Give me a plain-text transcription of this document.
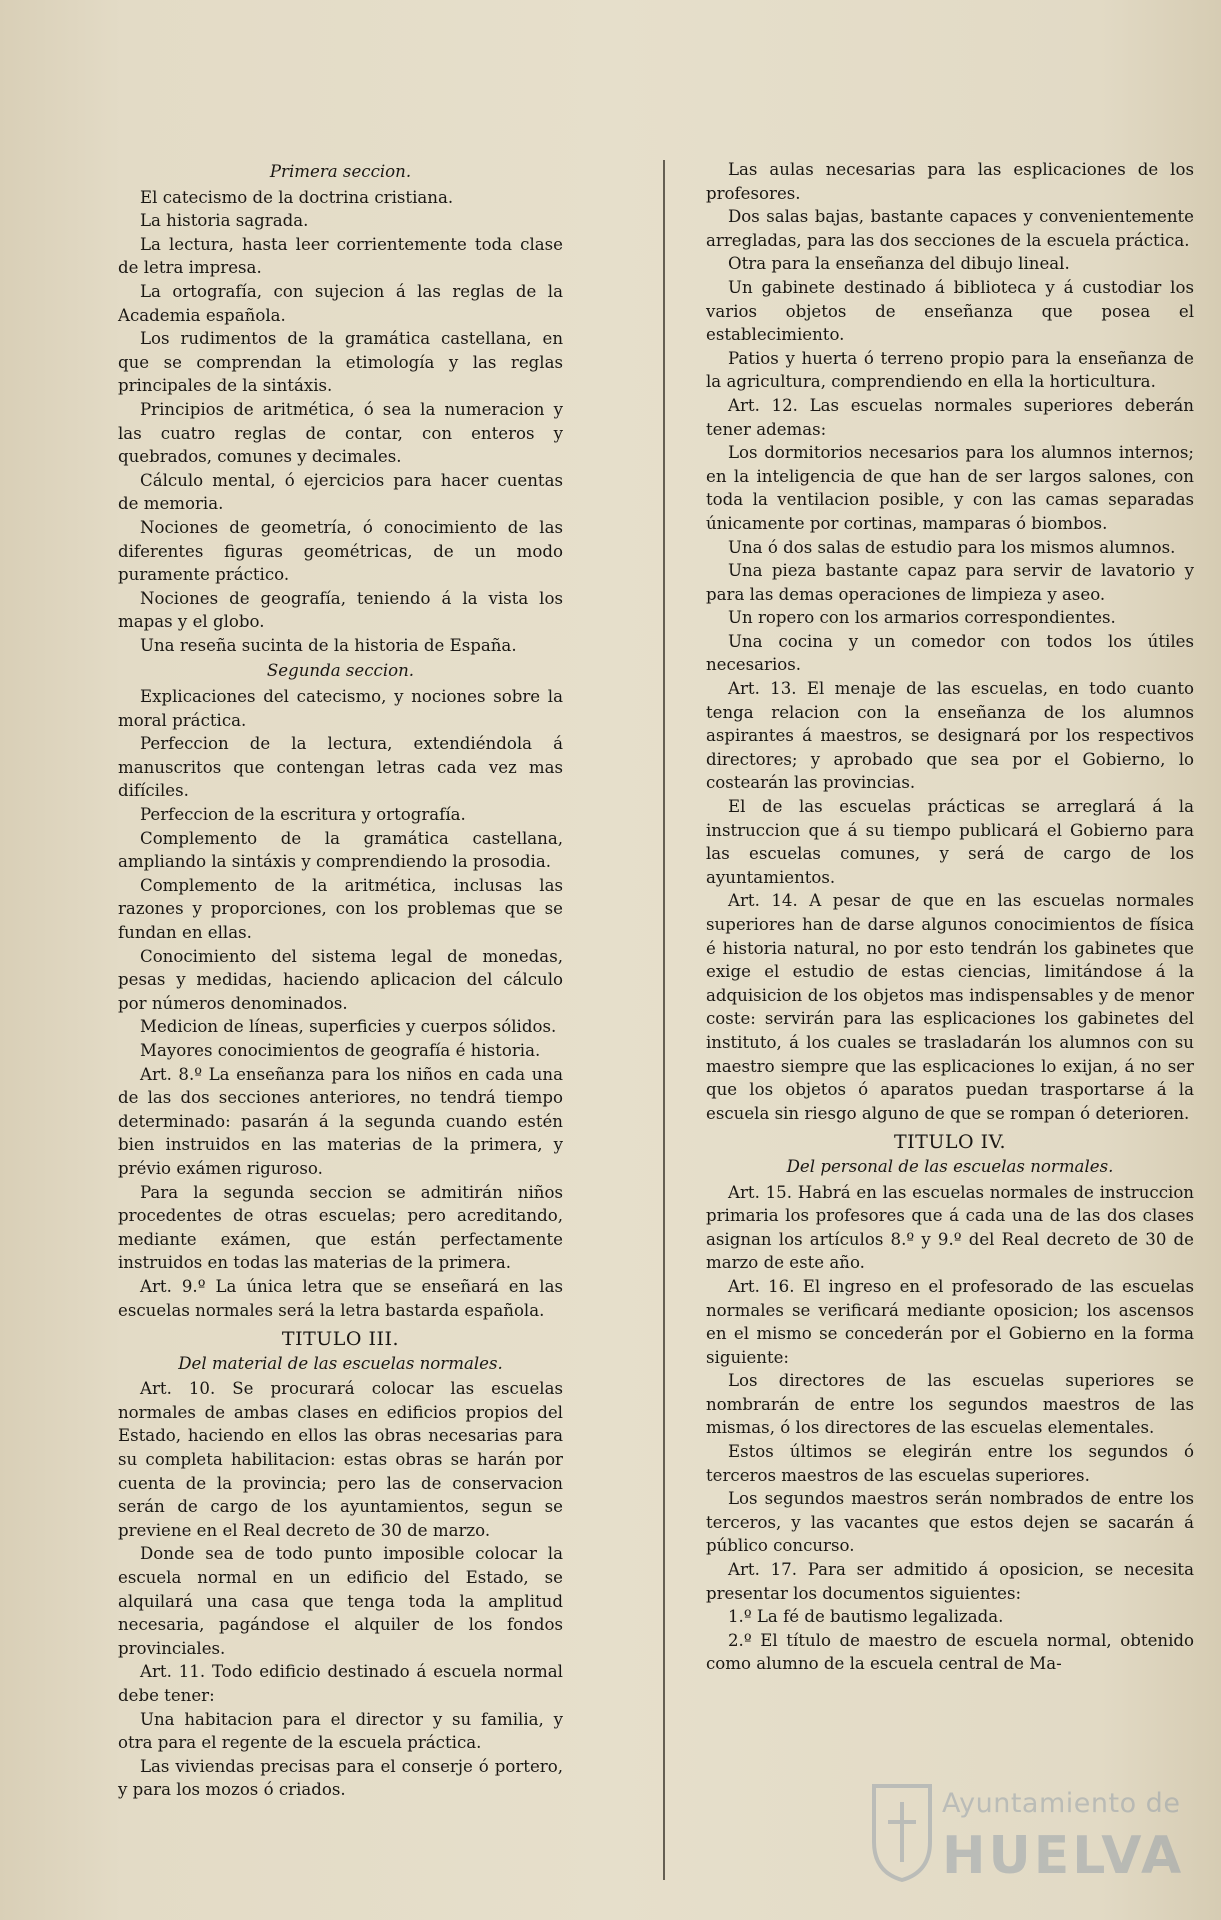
Primera seccion.

El catecismo de la doctrina cristiana.

La historia sagrada.

La lectura, hasta leer corrientemente toda clase de letra impresa.

La ortografía, con sujecion á las reglas de la Academia española.

Los rudimentos de la gramática castellana, en que se comprendan la etimología y las reglas principales de la sintáxis.

Principios de aritmética, ó sea la numeracion y las cuatro reglas de contar, con enteros y quebrados, comunes y decimales.

Cálculo mental, ó ejercicios para hacer cuentas de memoria.

Nociones de geometría, ó conocimiento de las diferentes figuras geométricas, de un modo puramente práctico.

Nociones de geografía, teniendo á la vista los mapas y el globo.

Una reseña sucinta de la historia de España.

Segunda seccion.

Explicaciones del catecismo, y nociones sobre la moral práctica.

Perfeccion de la lectura, extendiéndola á manuscritos que contengan letras cada vez mas difíciles.

Perfeccion de la escritura y ortografía.

Complemento de la gramática castellana, ampliando la sintáxis y comprendiendo la prosodia.

Complemento de la aritmética, inclusas las razones y proporciones, con los problemas que se fundan en ellas.

Conocimiento del sistema legal de monedas, pesas y medidas, haciendo aplicacion del cálculo por números denominados.

Medicion de líneas, superficies y cuerpos sólidos.

Mayores conocimientos de geografía é historia.

Art. 8.º La enseñanza para los niños en cada una de las dos secciones anteriores, no tendrá tiempo determinado: pasarán á la segunda cuando estén bien instruidos en las materias de la primera, y prévio exámen riguroso.

Para la segunda seccion se admitirán niños procedentes de otras escuelas; pero acreditando, mediante exámen, que están perfectamente instruidos en todas las materias de la primera.

Art. 9.º La única letra que se enseñará en las escuelas normales será la letra bastarda española.

TITULO III.

Del material de las escuelas normales.

Art. 10. Se procurará colocar las escuelas normales de ambas clases en edificios propios del Estado, haciendo en ellos las obras necesarias para su completa habilitacion: estas obras se harán por cuenta de la provincia; pero las de conservacion serán de cargo de los ayuntamientos, segun se previene en el Real decreto de 30 de marzo.

Donde sea de todo punto imposible colocar la escuela normal en un edificio del Estado, se alquilará una casa que tenga toda la amplitud necesaria, pagándose el alquiler de los fondos provinciales.

Art. 11. Todo edificio destinado á escuela normal debe tener:

Una habitacion para el director y su familia, y otra para el regente de la escuela práctica.

Las viviendas precisas para el conserje ó portero, y para los mozos ó criados.

Las aulas necesarias para las esplicaciones de los profesores.

Dos salas bajas, bastante capaces y convenientemente arregladas, para las dos secciones de la escuela práctica.

Otra para la enseñanza del dibujo lineal.

Un gabinete destinado á biblioteca y á custodiar los varios objetos de enseñanza que posea el establecimiento.

Patios y huerta ó terreno propio para la enseñanza de la agricultura, comprendiendo en ella la horticultura.

Art. 12. Las escuelas normales superiores deberán tener ademas:

Los dormitorios necesarios para los alumnos internos; en la inteligencia de que han de ser largos salones, con toda la ventilacion posible, y con las camas separadas únicamente por cortinas, mamparas ó biombos.

Una ó dos salas de estudio para los mismos alumnos.

Una pieza bastante capaz para servir de lavatorio y para las demas operaciones de limpieza y aseo.

Un ropero con los armarios correspondientes.

Una cocina y un comedor con todos los útiles necesarios.

Art. 13. El menaje de las escuelas, en todo cuanto tenga relacion con la enseñanza de los alumnos aspirantes á maestros, se designará por los respectivos directores; y aprobado que sea por el Gobierno, lo costearán las provincias.

El de las escuelas prácticas se arreglará á la instruccion que á su tiempo publicará el Gobierno para las escuelas comunes, y será de cargo de los ayuntamientos.

Art. 14. A pesar de que en las escuelas normales superiores han de darse algunos conocimientos de física é historia natural, no por esto tendrán los gabinetes que exige el estudio de estas ciencias, limitándose á la adquisicion de los objetos mas indispensables y de menor coste: servirán para las esplicaciones los gabinetes del instituto, á los cuales se trasladarán los alumnos con su maestro siempre que las esplicaciones lo exijan, á no ser que los objetos ó aparatos puedan trasportarse á la escuela sin riesgo alguno de que se rompan ó deterioren.

TITULO IV.

Del personal de las escuelas normales.

Art. 15. Habrá en las escuelas normales de instruccion primaria los profesores que á cada una de las dos clases asignan los artículos 8.º y 9.º del Real decreto de 30 de marzo de este año.

Art. 16. El ingreso en el profesorado de las escuelas normales se verificará mediante oposicion; los ascensos en el mismo se concederán por el Gobierno en la forma siguiente:

Los directores de las escuelas superiores se nombrarán de entre los segundos maestros de las mismas, ó los directores de las escuelas elementales.

Estos últimos se elegirán entre los segundos ó terceros maestros de las escuelas superiores.

Los segundos maestros serán nombrados de entre los terceros, y las vacantes que estos dejen se sacarán á público concurso.

Art. 17. Para ser admitido á oposicion, se necesita presentar los documentos siguientes:

1.º La fé de bautismo legalizada.

2.º El título de maestro de escuela normal, obtenido como alumno de la escuela central de Ma-

Ayuntamiento de
HUELVA
